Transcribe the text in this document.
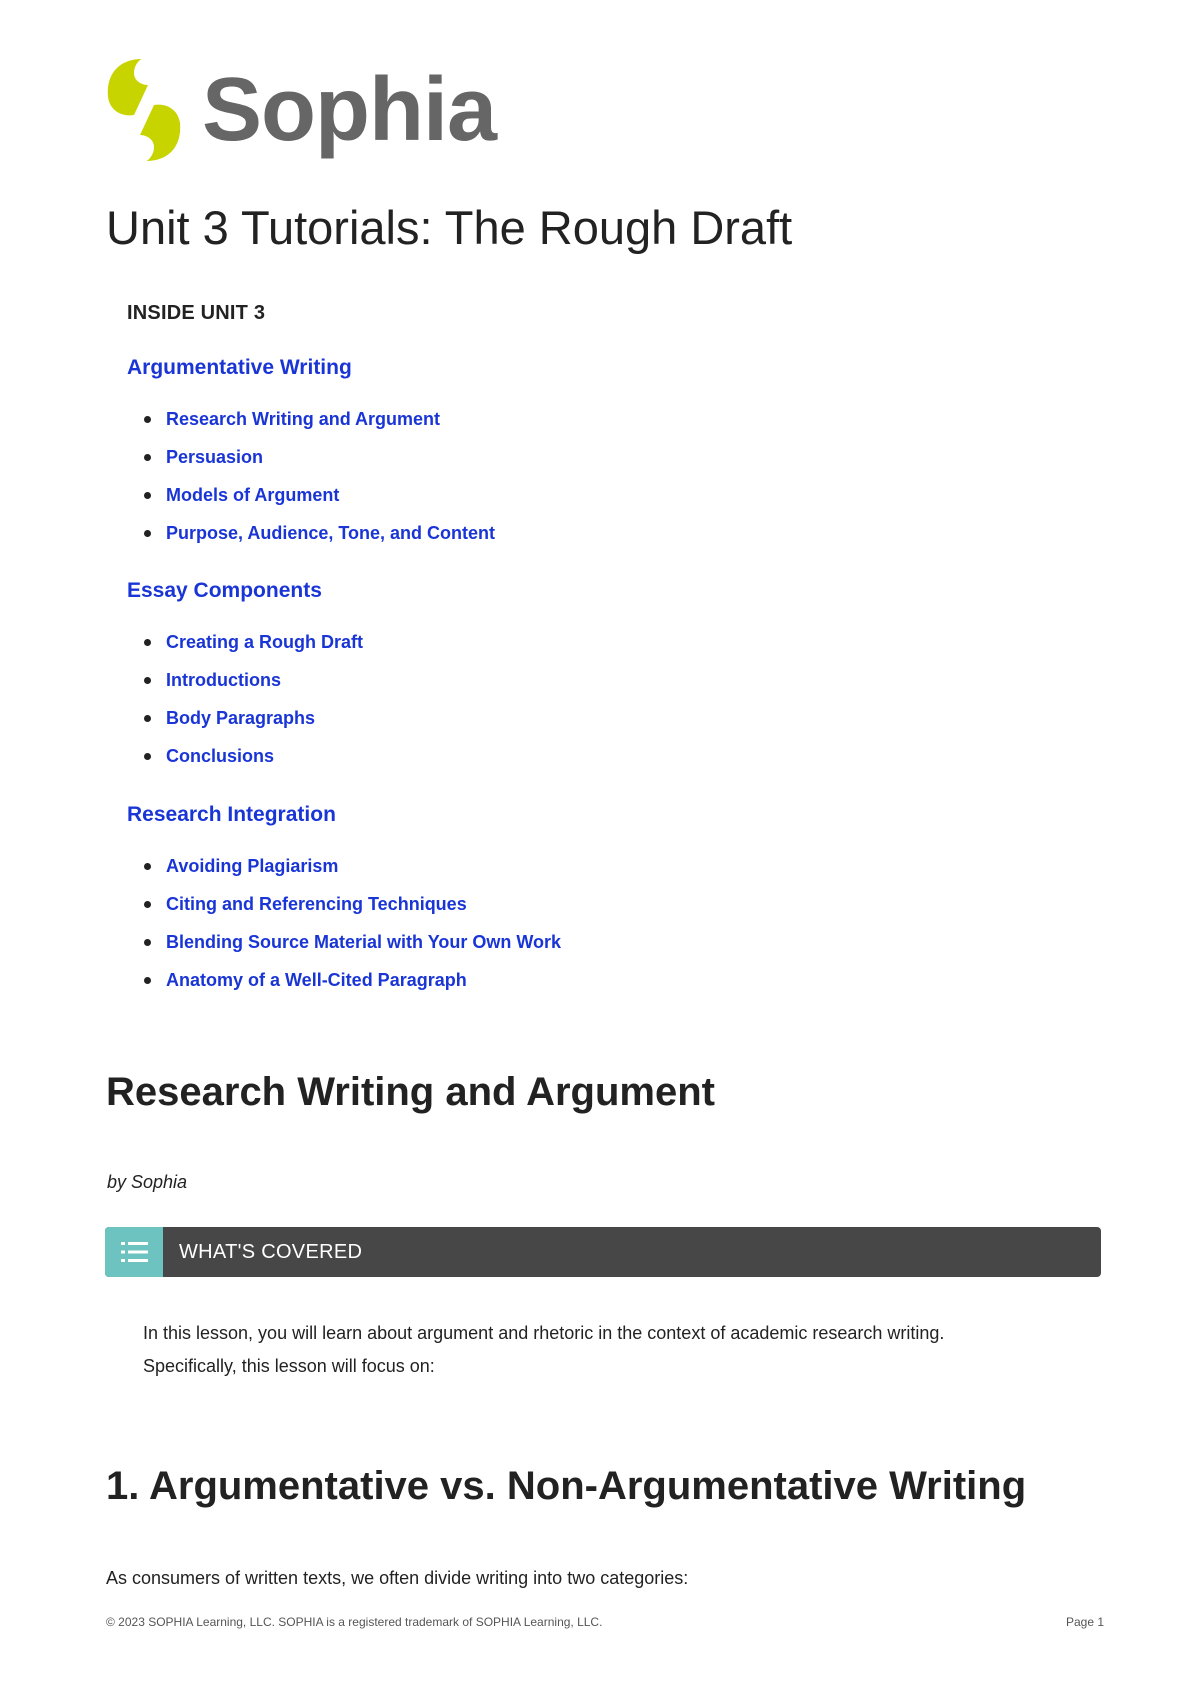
Sophia
Unit 3 Tutorials: The Rough Draft
INSIDE UNIT 3
Argumentative Writing
Research Writing and Argument
Persuasion
Models of Argument
Purpose, Audience, Tone, and Content
Essay Components
Creating a Rough Draft
Introductions
Body Paragraphs
Conclusions
Research Integration
Avoiding Plagiarism
Citing and Referencing Techniques
Blending Source Material with Your Own Work
Anatomy of a Well-Cited Paragraph
Research Writing and Argument
by Sophia
WHAT'S COVERED
In this lesson, you will learn about argument and rhetoric in the context of academic research writing.
Specifically, this lesson will focus on:
1. Argumentative vs. Non-Argumentative Writing
As consumers of written texts, we often divide writing into two categories:
© 2023 SOPHIA Learning, LLC. SOPHIA is a registered trademark of SOPHIA Learning, LLC.	Page 1
